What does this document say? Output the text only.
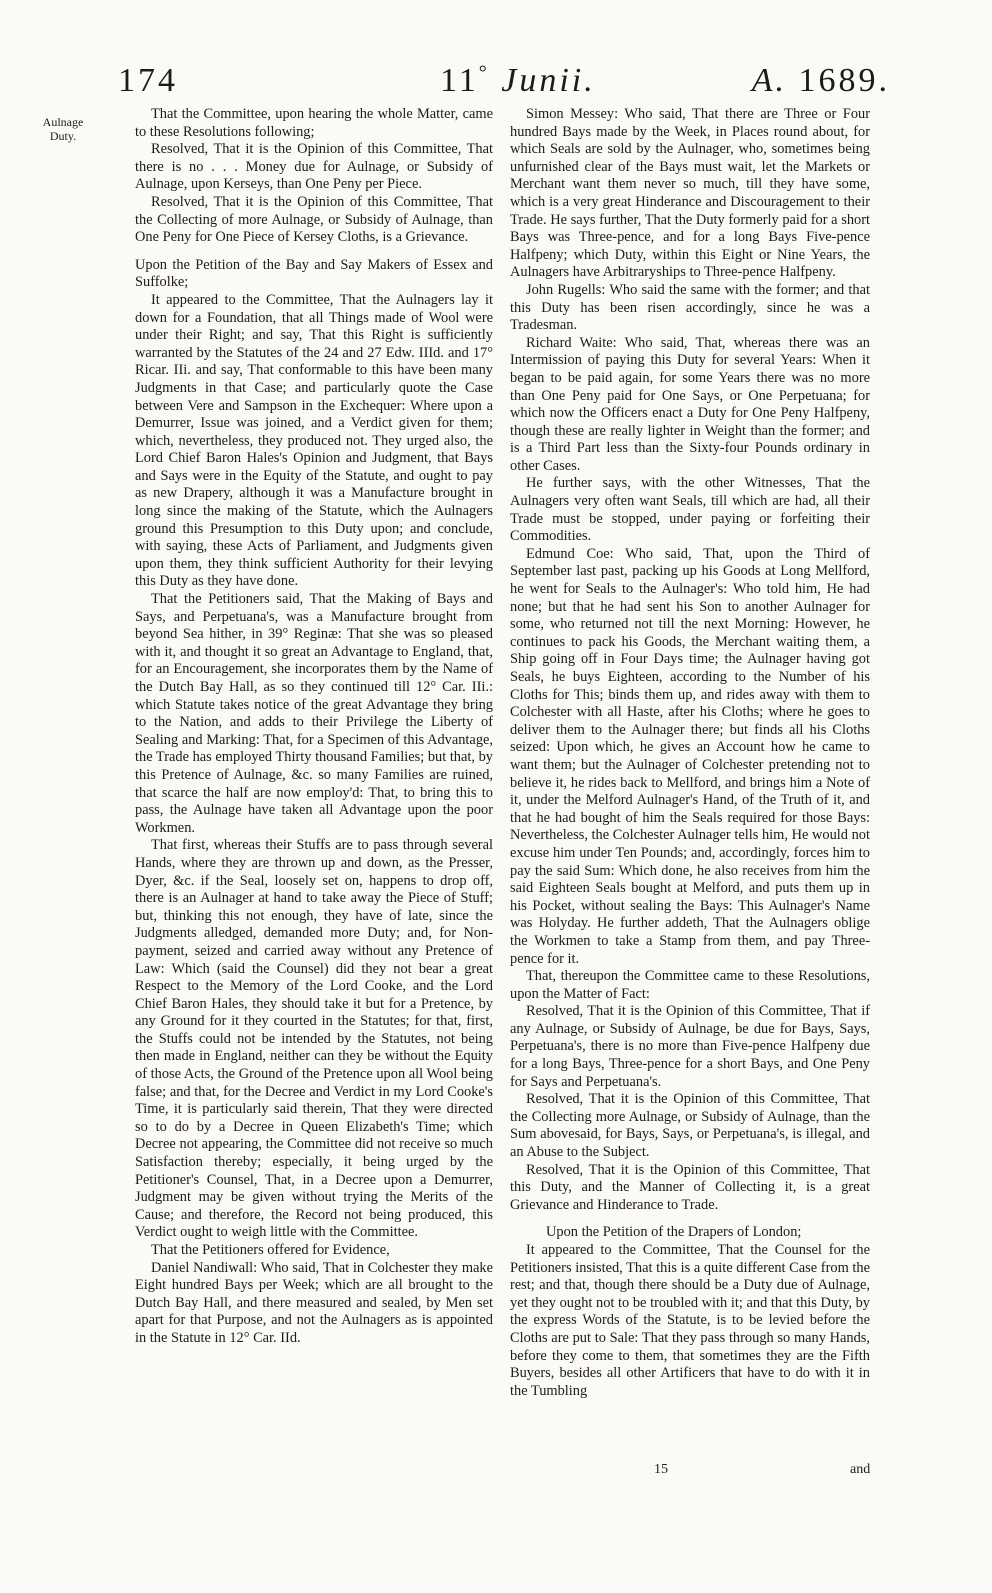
174	11° Junii.	A. 1689.
Aulnage Duty.

That the Committee, upon hearing the whole Matter, came to these Resolutions following;

Resolved, That it is the Opinion of this Committee, That there is no . . . Money due for Aulnage, or Subsidy of Aulnage, upon Kerseys, than One Peny per Piece.

Resolved, That it is the Opinion of this Committee, That the Collecting of more Aulnage, or Subsidy of Aulnage, than One Peny for One Piece of Kersey Cloths, is a Grievance.

Upon the Petition of the Bay and Say Makers of Essex and Suffolke;

It appeared to the Committee, That the Aulnagers lay it down for a Foundation, that all Things made of Wool were under their Right; and say, That this Right is sufficiently warranted by the Statutes of the 24 and 27 Edw. IIId. and 17° Ricar. IIi. and say, That conformable to this have been many Judgments in that Case; and particularly quote the Case between Vere and Sampson in the Exchequer: Where upon a Demurrer, Issue was joined, and a Verdict given for them; which, nevertheless, they produced not. They urged also, the Lord Chief Baron Hales's Opinion and Judgment, that Bays and Says were in the Equity of the Statute, and ought to pay as new Drapery, although it was a Manufacture brought in long since the making of the Statute, which the Aulnagers ground this Presumption to this Duty upon; and conclude, with saying, these Acts of Parliament, and Judgments given upon them, they think sufficient Authority for their levying this Duty as they have done.

That the Petitioners said, That the Making of Bays and Says, and Perpetuana's, was a Manufacture brought from beyond Sea hither, in 39° Reginæ: That she was so pleased with it, and thought it so great an Advantage to England, that, for an Encouragement, she incorporates them by the Name of the Dutch Bay Hall, as so they continued till 12° Car. IIi.: which Statute takes notice of the great Advantage they bring to the Nation, and adds to their Privilege the Liberty of Sealing and Marking: That, for a Specimen of this Advantage, the Trade has employed Thirty thousand Families; but that, by this Pretence of Aulnage, &c. so many Families are ruined, that scarce the half are now employ'd: That, to bring this to pass, the Aulnage have taken all Advantage upon the poor Workmen.

That first, whereas their Stuffs are to pass through several Hands, where they are thrown up and down, as the Presser, Dyer, &c. if the Seal, loosely set on, happens to drop off, there is an Aulnager at hand to take away the Piece of Stuff; but, thinking this not enough, they have of late, since the Judgments alledged, demanded more Duty; and, for Non-payment, seized and carried away without any Pretence of Law: Which (said the Counsel) did they not bear a great Respect to the Memory of the Lord Cooke, and the Lord Chief Baron Hales, they should take it but for a Pretence, by any Ground for it they courted in the Statutes; for that, first, the Stuffs could not be intended by the Statutes, not being then made in England, neither can they be without the Equity of those Acts, the Ground of the Pretence upon all Wool being false; and that, for the Decree and Verdict in my Lord Cooke's Time, it is particularly said therein, That they were directed so to do by a Decree in Queen Elizabeth's Time; which Decree not appearing, the Committee did not receive so much Satisfaction thereby; especially, it being urged by the Petitioner's Counsel, That, in a Decree upon a Demurrer, Judgment may be given without trying the Merits of the Cause; and therefore, the Record not being produced, this Verdict ought to weigh little with the Committee.

That the Petitioners offered for Evidence,

Daniel Nandiwall: Who said, That in Colchester they make Eight hundred Bays per Week; which are all brought to the Dutch Bay Hall, and there measured and sealed, by Men set apart for that Purpose, and not the Aulnagers as is appointed in the Statute in 12° Car. IId.

Simon Messey: Who said, That there are Three or Four hundred Bays made by the Week, in Places round about, for which Seals are sold by the Aulnager, who, sometimes being unfurnished clear of the Bays must wait, let the Markets or Merchant want them never so much, till they have some, which is a very great Hinderance and Discouragement to their Trade. He says further, That the Duty formerly paid for a short Bays was Three-pence, and for a long Bays Five-pence Halfpeny; which Duty, within this Eight or Nine Years, the Aulnagers have Arbitraryships to Three-pence Halfpeny.

John Rugells: Who said the same with the former; and that this Duty has been risen accordingly, since he was a Tradesman.

Richard Waite: Who said, That, whereas there was an Intermission of paying this Duty for several Years: When it began to be paid again, for some Years there was no more than One Peny paid for One Says, or One Perpetuana; for which now the Officers enact a Duty for One Peny Halfpeny, though these are really lighter in Weight than the former; and is a Third Part less than the Sixty-four Pounds ordinary in other Cases.

He further says, with the other Witnesses, That the Aulnagers very often want Seals, till which are had, all their Trade must be stopped, under paying or forfeiting their Commodities.

Edmund Coe: Who said, That, upon the Third of September last past, packing up his Goods at Long Mellford, he went for Seals to the Aulnager's: Who told him, He had none; but that he had sent his Son to another Aulnager for some, who returned not till the next Morning: However, he continues to pack his Goods, the Merchant waiting them, a Ship going off in Four Days time; the Aulnager having got Seals, he buys Eighteen, according to the Number of his Cloths for This; binds them up, and rides away with them to Colchester with all Haste, after his Cloths; where he goes to deliver them to the Aulnager there; but finds all his Cloths seized: Upon which, he gives an Account how he came to want them; but the Aulnager of Colchester pretending not to believe it, he rides back to Mellford, and brings him a Note of it, under the Melford Aulnager's Hand, of the Truth of it, and that he had bought of him the Seals required for those Bays: Nevertheless, the Colchester Aulnager tells him, He would not excuse him under Ten Pounds; and, accordingly, forces him to pay the said Sum: Which done, he also receives from him the said Eighteen Seals bought at Melford, and puts them up in his Pocket, without sealing the Bays: This Aulnager's Name was Holyday. He further addeth, That the Aulnagers oblige the Workmen to take a Stamp from them, and pay Three-pence for it.

That, thereupon the Committee came to these Resolutions, upon the Matter of Fact:

Resolved, That it is the Opinion of this Committee, That if any Aulnage, or Subsidy of Aulnage, be due for Bays, Says, Perpetuana's, there is no more than Five-pence Halfpeny due for a long Bays, Three-pence for a short Bays, and One Peny for Says and Perpetuana's.

Resolved, That it is the Opinion of this Committee, That the Collecting more Aulnage, or Subsidy of Aulnage, than the Sum abovesaid, for Bays, Says, or Perpetuana's, is illegal, and an Abuse to the Subject.

Resolved, That it is the Opinion of this Committee, That this Duty, and the Manner of Collecting it, is a great Grievance and Hinderance to Trade.

Upon the Petition of the Drapers of London;

It appeared to the Committee, That the Counsel for the Petitioners insisted, That this is a quite different Case from the rest; and that, though there should be a Duty due of Aulnage, yet they ought not to be troubled with it; and that this Duty, by the express Words of the Statute, is to be levied before the Cloths are put to Sale: That they pass through so many Hands, before they come to them, that sometimes they are the Fifth Buyers, besides all other Artificers that have to do with it in the Tumbling

15	and
